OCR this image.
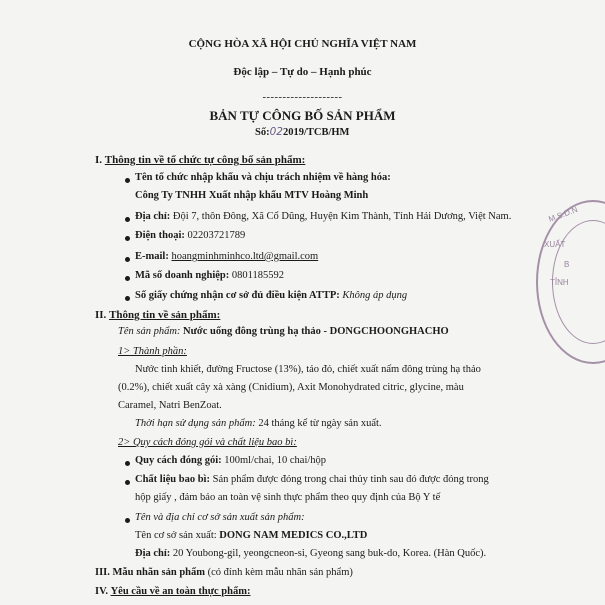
CỘNG HÒA XÃ HỘI CHỦ NGHĨA VIỆT NAM
Độc lập – Tự do – Hạnh phúc
--------------------
BẢN TỰ CÔNG BỐ SẢN PHẨM
Số:022019/TCB/HM
I. Thông tin về tổ chức tự công bố sản phẩm:
Tên tổ chức nhập khẩu và chịu trách nhiệm về hàng hóa:
Công Ty TNHH Xuất nhập khẩu MTV Hoàng Minh
Địa chỉ: Đội 7, thôn Đông, Xã Cổ Dũng, Huyện Kim Thành, Tỉnh Hải Dương, Việt Nam.
Điện thoại: 02203721789
E-mail: hoangminhminhco.ltd@gmail.com
Mã số doanh nghiệp: 0801185592
Số giấy chứng nhận cơ sở đủ điều kiện ATTP: Không áp dụng
II. Thông tin về sản phẩm:
Tên sản phẩm: Nước uống đông trùng hạ thảo - DONGCHOONGHACHO
1> Thành phần:
Nước tinh khiết, đường Fructose (13%), táo đỏ, chiết xuất nấm đông trùng hạ thảo
(0.2%), chiết xuất cây xà xàng (Cnidium), Axit Monohydrated citric, glycine, màu
Caramel, Natri BenZoat.
Thời hạn sử dụng sản phẩm: 24 tháng kể từ ngày sản xuất.
2> Quy cách đóng gói và chất liệu bao bì:
Quy cách đóng gói: 100ml/chai, 10 chai/hộp
Chất liệu bao bì: Sản phẩm được đóng trong chai thủy tinh sau đó được đóng trong
hộp giấy , đảm bảo an toàn vệ sinh thực phẩm theo quy định của Bộ Y tế
Tên và địa chỉ cơ sở sản xuất sản phẩm:
Tên cơ sở sản xuất: DONG NAM MEDICS CO.,LTD
Địa chỉ: 20 Youbong-gil, yeongcneon-si, Gyeong sang buk-do, Korea. (Hàn Quốc).
III. Mẫu nhãn sản phẩm (có đính kèm mẫu nhãn sản phẩm)
IV. Yêu cầu về an toàn thực phẩm:
M.S.D.N
XUẤT
B
TỈNH
